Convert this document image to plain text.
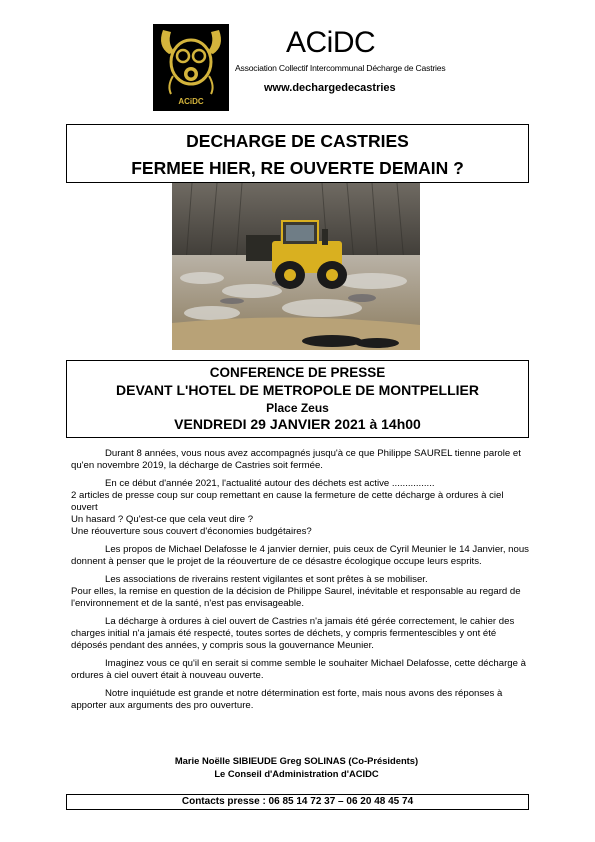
ACiDC
ACiDC
Association Collectif Intercommunal Décharge de Castries
www.dechargedecastries
DECHARGE DE CASTRIES
FERMEE HIER, RE OUVERTE DEMAIN ?
CONFERENCE DE PRESSE
DEVANT L'HOTEL DE METROPOLE DE MONTPELLIER
Place Zeus
VENDREDI 29 JANVIER 2021 à 14h00

Durant 8 années, vous nous avez accompagnés jusqu'à ce que Philippe SAUREL tienne parole et qu'en novembre 2019, la décharge de Castries soit fermée.

En ce début d'année 2021, l'actualité autour des déchets est active ................

2 articles de presse coup sur coup remettant en cause la fermeture de cette décharge à ordures à ciel ouvert

Un hasard ? Qu'est-ce que cela veut dire ?

Une réouverture sous couvert d'économies budgétaires?

Les propos de Michael Delafosse le 4 janvier dernier, puis ceux de Cyril Meunier le 14 Janvier, nous donnent à penser que le projet de la réouverture de ce désastre écologique occupe leurs esprits.

Les associations de riverains restent vigilantes et sont prêtes à se mobiliser.

Pour elles, la remise en question de la décision de Philippe Saurel, inévitable et responsable au regard de l'environnement et de la santé, n'est pas envisageable.

La décharge à ordures à ciel ouvert de Castries n'a jamais été gérée correctement, le cahier des charges initial n'a jamais été respecté, toutes sortes de déchets, y compris fermentescibles y ont été déposés pendant des années, y compris sous la gouvernance Meunier.

Imaginez vous ce qu'il en serait si comme semble le souhaiter Michael Delafosse, cette décharge à ordures à ciel ouvert était à nouveau ouverte.

Notre inquiétude est grande et notre détermination est forte, mais nous avons des réponses à apporter aux arguments des pro ouverture.

Marie Noëlle SIBIEUDE Greg SOLINAS (Co-Présidents)
Le Conseil d'Administration d'ACIDC
Contacts presse : 06 85 14 72 37 – 06 20 48 45 74
